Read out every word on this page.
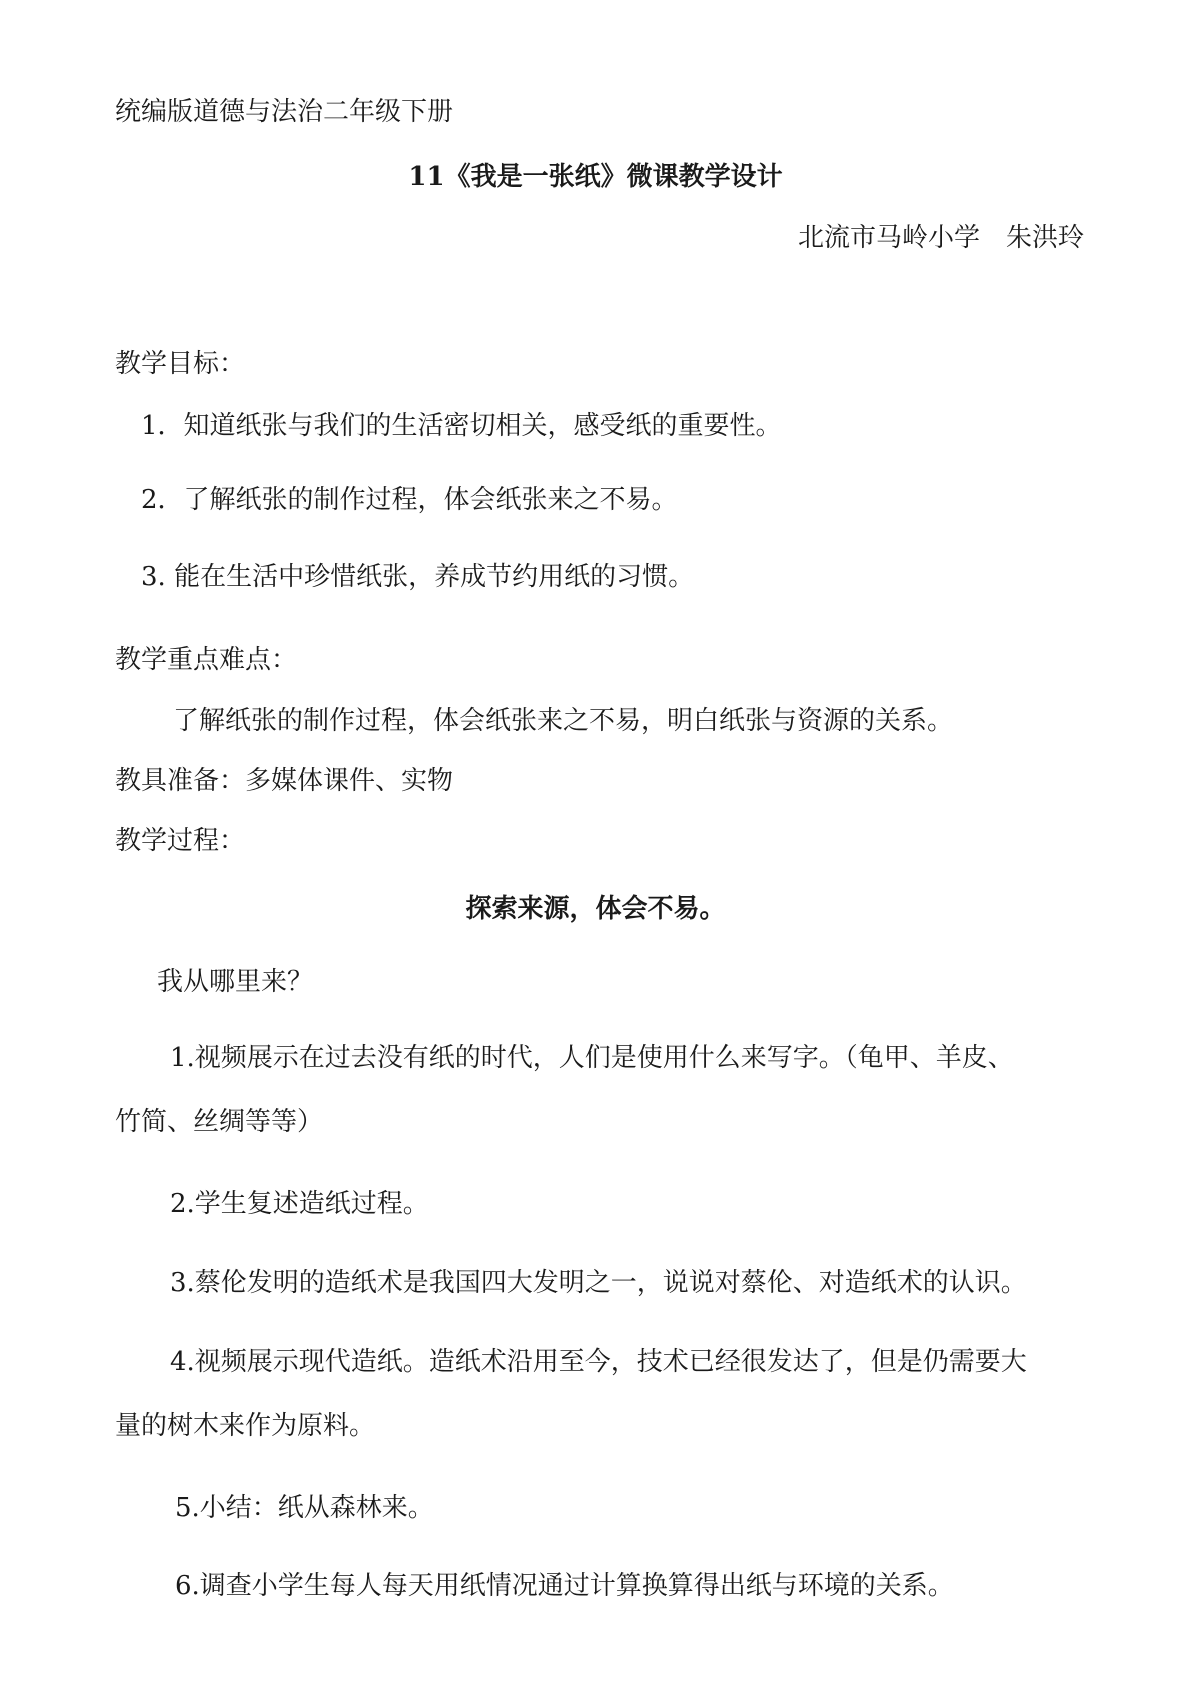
统编版道德与法治二年级下册
11《我是一张纸》微课教学设计
北流市马岭小学　朱洪玲
教学目标：
1．知道纸张与我们的生活密切相关，感受纸的重要性。
2．了解纸张的制作过程，体会纸张来之不易。
3. 能在生活中珍惜纸张，养成节约用纸的习惯。
教学重点难点：
了解纸张的制作过程，体会纸张来之不易，明白纸张与资源的关系。
教具准备：多媒体课件、实物
教学过程：
探索来源，体会不易。
我从哪里来？
1.视频展示在过去没有纸的时代，人们是使用什么来写字。（龟甲、羊皮、
竹简、丝绸等等）
2.学生复述造纸过程。
3.蔡伦发明的造纸术是我国四大发明之一，说说对蔡伦、对造纸术的认识。
4.视频展示现代造纸。造纸术沿用至今，技术已经很发达了，但是仍需要大
量的树木来作为原料。
5.小结：纸从森林来。
6.调查小学生每人每天用纸情况通过计算换算得出纸与环境的关系。
